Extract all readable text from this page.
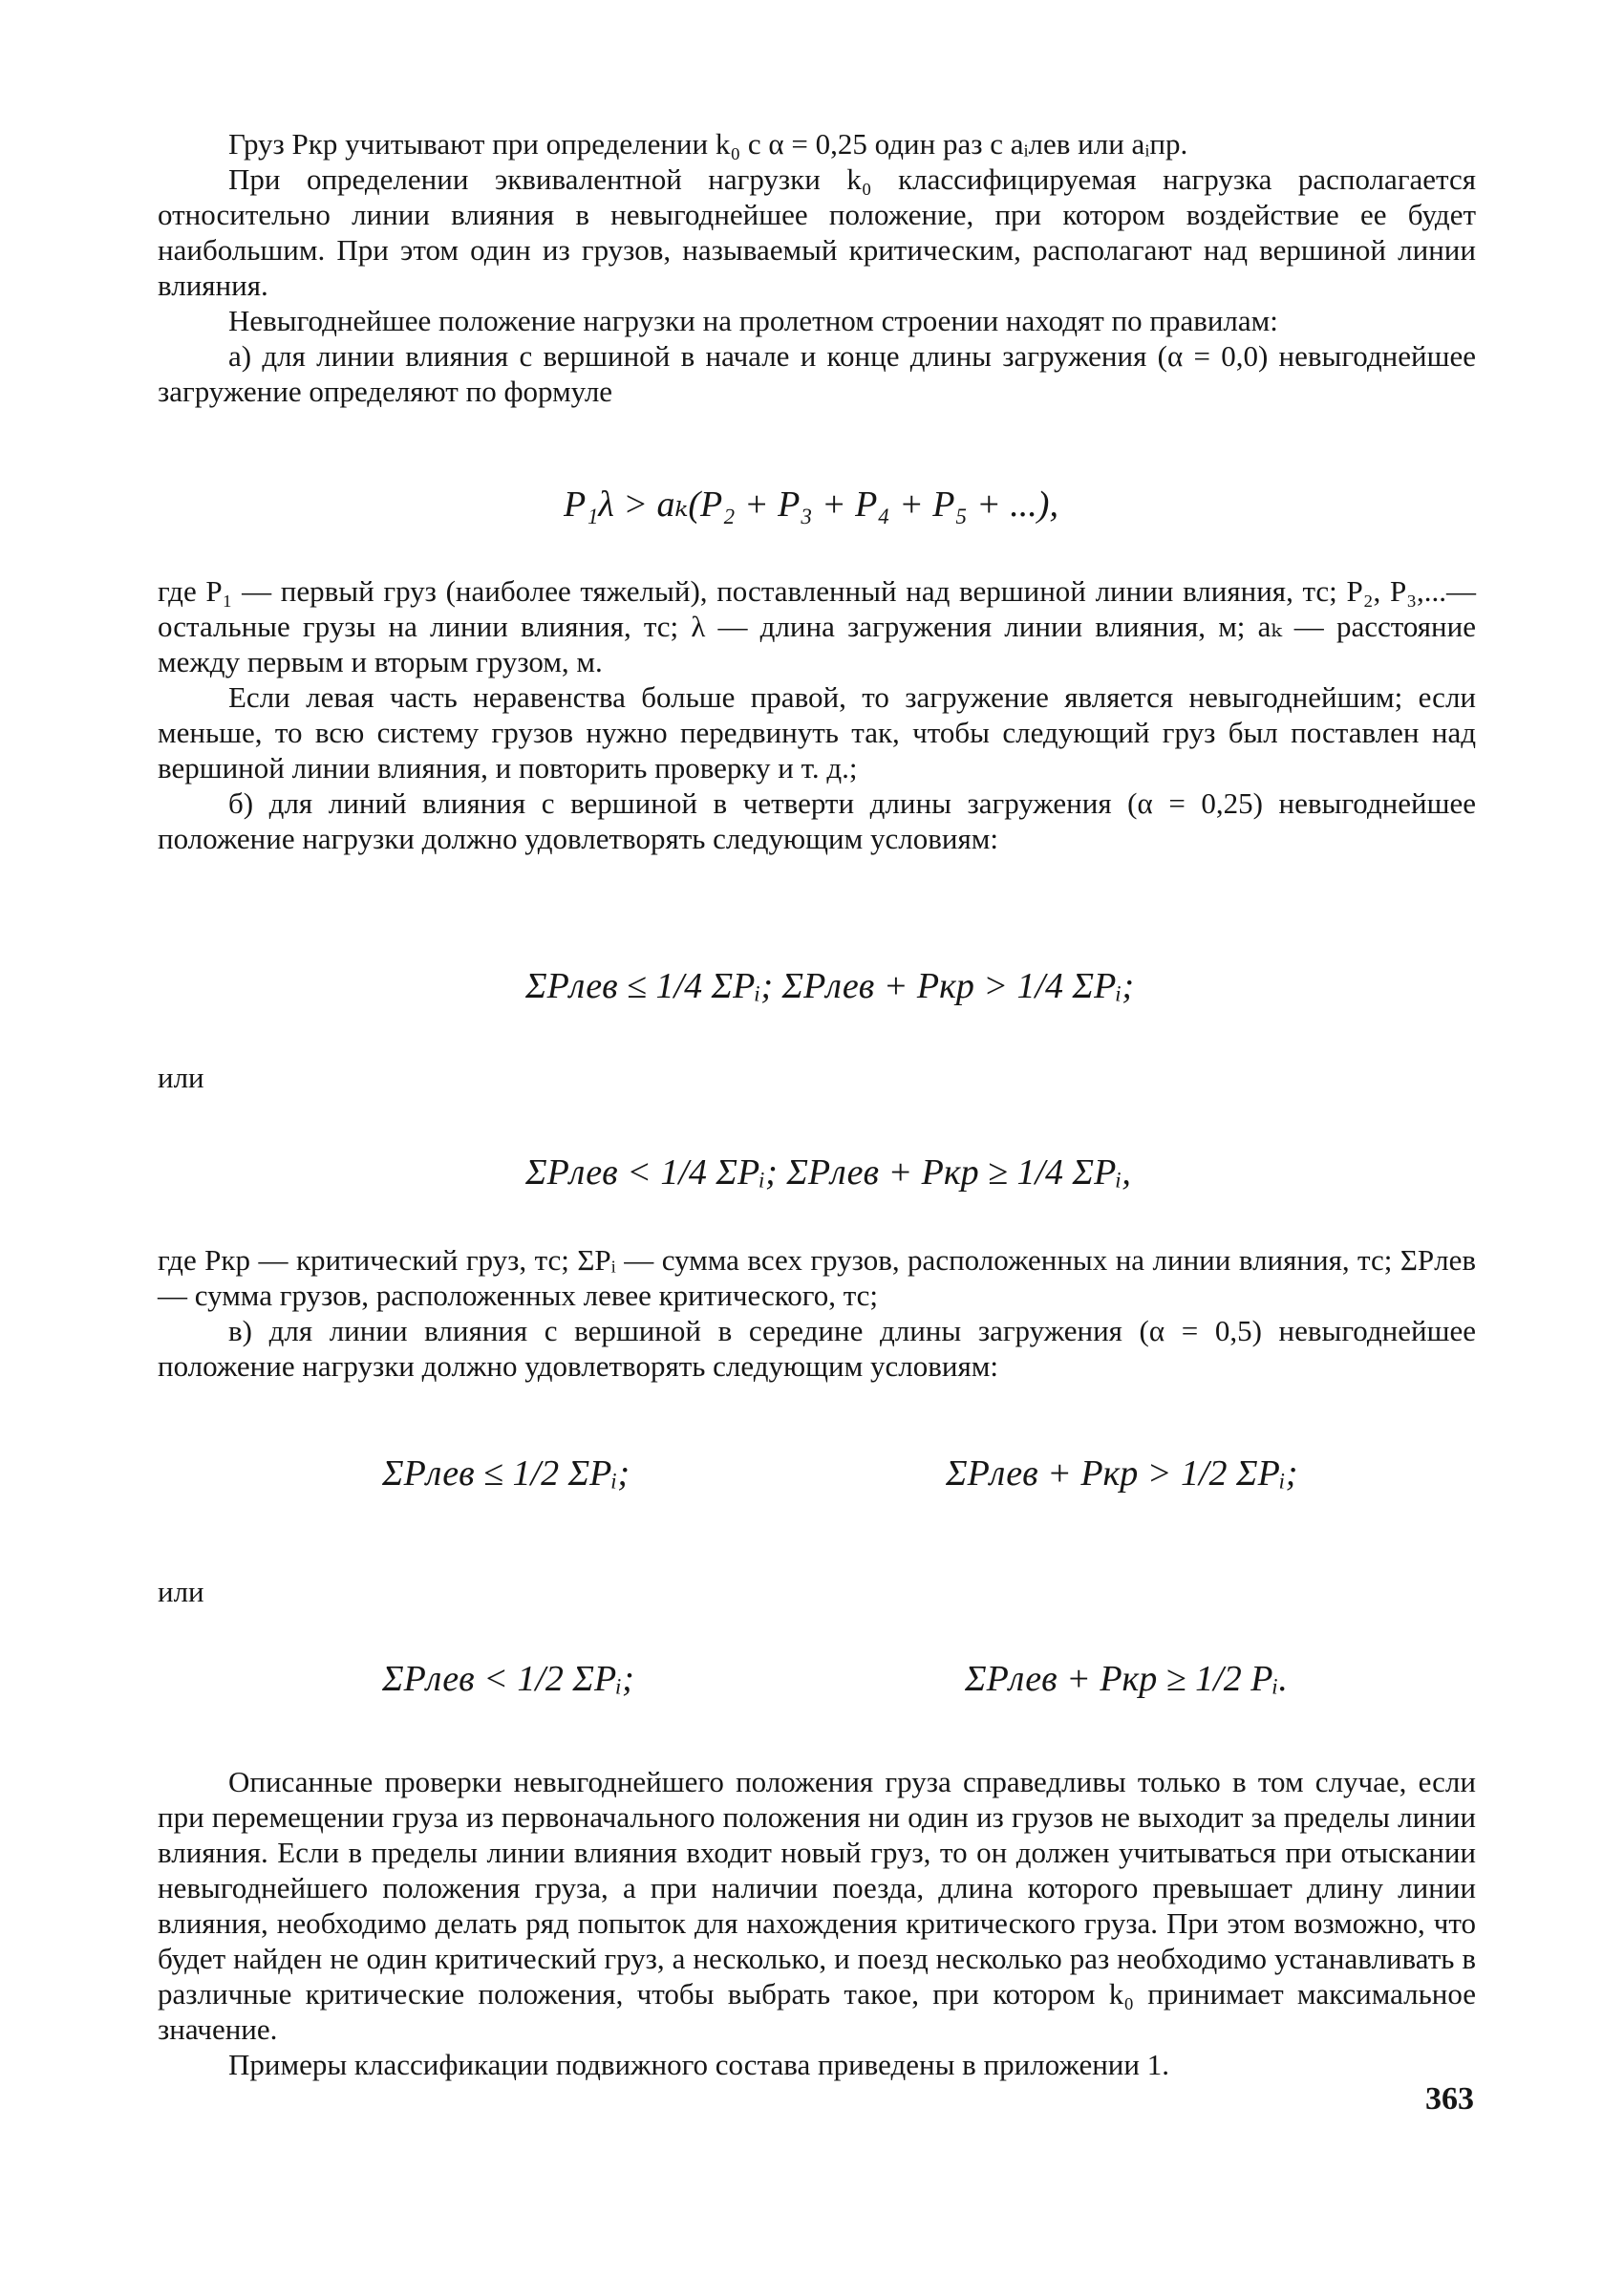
Груз Pкр учитывают при определении k₀ с α = 0,25 один раз с aᵢлев или aᵢпр.

При определении эквивалентной нагрузки k₀ классифицируемая нагрузка располагается относительно линии влияния в невыгоднейшее положение, при котором воздействие ее будет наибольшим. При этом один из грузов, называемый критическим, располагают над вершиной линии влияния.

Невыгоднейшее положение нагрузки на пролетном строении находят по правилам:

а) для линии влияния с вершиной в начале и конце длины загружения (α = 0,0) невыгоднейшее загружение определяют по формуле

P₁λ > aₖ(P₂ + P₃ + P₄ + P₅ + ...),

где P₁ — первый груз (наиболее тяжелый), поставленный над вершиной линии влияния, тс; P₂, P₃,...— остальные грузы на линии влияния, тс; λ — длина загружения линии влияния, м; aₖ — расстояние между первым и вторым грузом, м.

Если левая часть неравенства больше правой, то загружение является невыгоднейшим; если меньше, то всю систему грузов нужно передвинуть так, чтобы следующий груз был поставлен над вершиной линии влияния, и повторить проверку и т. д.;

б) для линий влияния с вершиной в четверти длины загружения (α = 0,25) невыгоднейшее положение нагрузки должно удовлетворять следующим условиям:

ΣPлев ≤ 1/4 ΣPᵢ; ΣPлев + Pкр > 1/4 ΣPᵢ;
или
ΣPлев < 1/4 ΣPᵢ; ΣPлев + Pкр ≥ 1/4 ΣPᵢ,

где Pкр — критический груз, тс; ΣPᵢ — сумма всех грузов, расположенных на линии влияния, тс; ΣPлев — сумма грузов, расположенных левее критического, тс;

в) для линии влияния с вершиной в середине длины загружения (α = 0,5) невыгоднейшее положение нагрузки должно удовлетворять следующим условиям:

ΣPлев ≤ 1/2 ΣPᵢ;	ΣPлев + Pкр > 1/2 ΣPᵢ;
или
ΣPлев < 1/2 ΣPᵢ;	ΣPлев + Pкр ≥ 1/2 Pᵢ.

Описанные проверки невыгоднейшего положения груза справедливы только в том случае, если при перемещении груза из первоначального положения ни один из грузов не выходит за пределы линии влияния. Если в пределы линии влияния входит новый груз, то он должен учитываться при отыскании невыгоднейшего положения груза, а при наличии поезда, длина которого превышает длину линии влияния, необходимо делать ряд попыток для нахождения критического груза. При этом возможно, что будет найден не один критический груз, а несколько, и поезд несколько раз необходимо устанавливать в различные критические положения, чтобы выбрать такое, при котором k₀ принимает максимальное значение.

Примеры классификации подвижного состава приведены в приложении 1.

363
